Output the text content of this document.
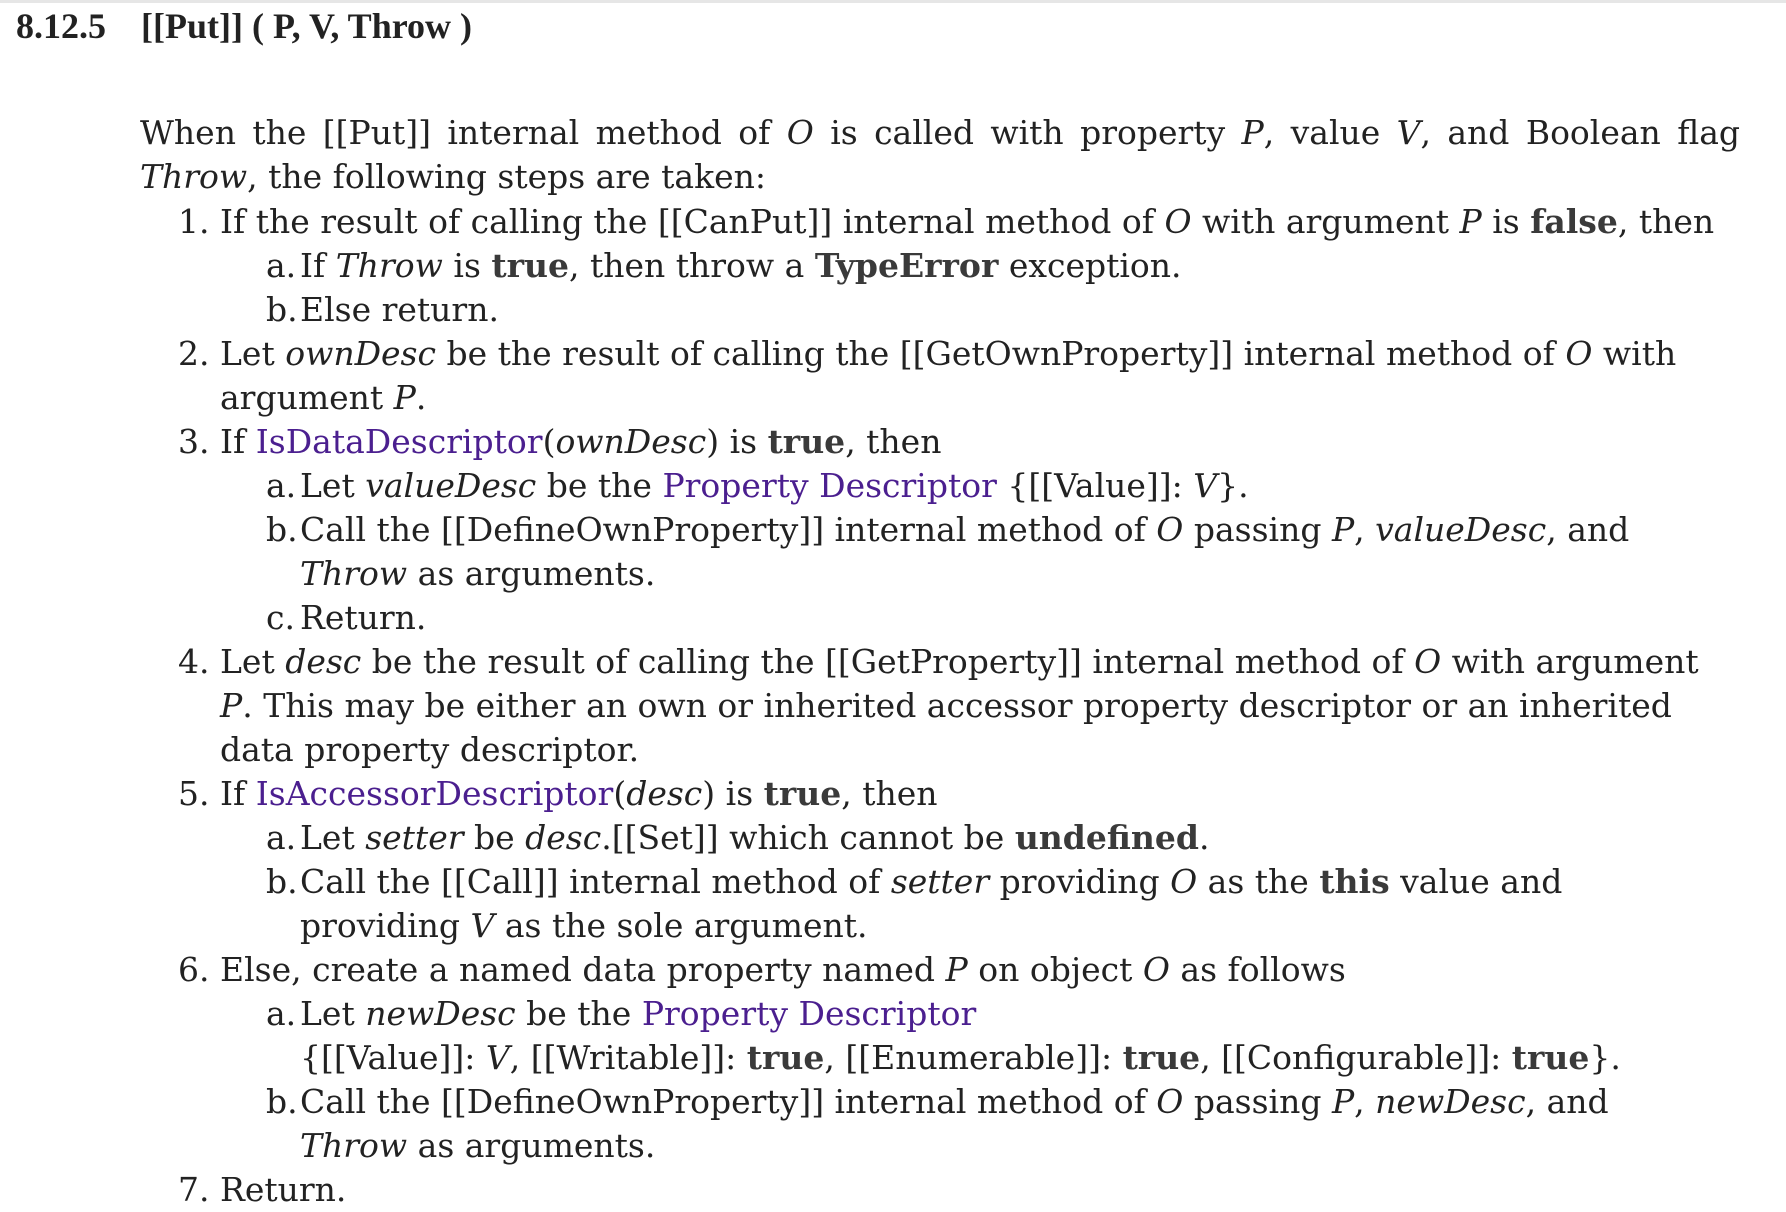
8.12.5 [[Put]] ( P, V, Throw )

When the [[Put]] internal method of O is called with property P, value V, and Boolean flag Throw, the following steps are taken:

1. If the result of calling the [[CanPut]] internal method of O with argument P is false, then
a. If Throw is true, then throw a TypeError exception.
b. Else return.
2. Let ownDesc be the result of calling the [[GetOwnProperty]] internal method of O with argument P.
3. If IsDataDescriptor(ownDesc) is true, then
a. Let valueDesc be the Property Descriptor {[[Value]]: V}.
b. Call the [[DefineOwnProperty]] internal method of O passing P, valueDesc, and Throw as arguments.
c. Return.
4. Let desc be the result of calling the [[GetProperty]] internal method of O with argument P. This may be either an own or inherited accessor property descriptor or an inherited data property descriptor.
5. If IsAccessorDescriptor(desc) is true, then
a. Let setter be desc.[[Set]] which cannot be undefined.
b. Call the [[Call]] internal method of setter providing O as the this value and providing V as the sole argument.
6. Else, create a named data property named P on object O as follows
a. Let newDesc be the Property Descriptor
{[[Value]]: V, [[Writable]]: true, [[Enumerable]]: true, [[Configurable]]: true}.
b. Call the [[DefineOwnProperty]] internal method of O passing P, newDesc, and Throw as arguments.
7. Return.
